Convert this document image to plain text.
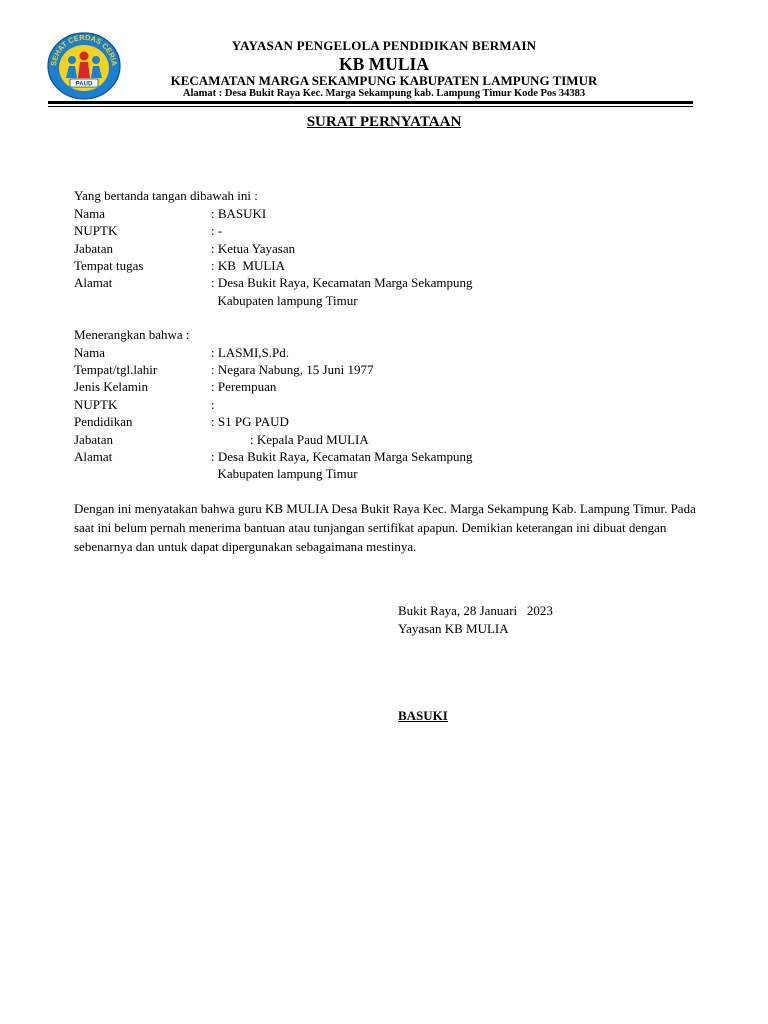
SEHAT CERDAS CERIA
PAUD
YAYASAN PENGELOLA PENDIDIKAN BERMAIN
KB MULIA
KECAMATAN MARGA SEKAMPUNG KABUPATEN LAMPUNG TIMUR
Alamat : Desa Bukit Raya Kec. Marga Sekampung kab. Lampung Timur Kode Pos 34383
SURAT PERNYATAAN
Yang bertanda tangan dibawah ini :
Nama	: BASUKI
NUPTK	: -
Jabatan	: Ketua Yayasan
Tempat tugas	: KB  MULIA
Alamat	: Desa Bukit Raya, Kecamatan Marga Sekampung
Kabupaten lampung Timur
Menerangkan bahwa :
Nama	: LASMI,S.Pd.
Tempat/tgl.lahir	: Negara Nabung, 15 Juni 1977
Jenis Kelamin	: Perempuan
NUPTK	:
Pendidikan	: S1 PG PAUD
Jabatan	: Kepala Paud MULIA
Alamat	: Desa Bukit Raya, Kecamatan Marga Sekampung
Kabupaten lampung Timur
Dengan ini menyatakan bahwa guru KB MULIA Desa Bukit Raya Kec. Marga Sekampung Kab. Lampung Timur. Pada saat ini belum pernah menerima bantuan atau tunjangan sertifikat apapun. Demikian keterangan ini dibuat dengan sebenarnya dan untuk dapat dipergunakan sebagaimana mestinya.
Bukit Raya, 28 Januari   2023
Yayasan KB MULIA
BASUKI
